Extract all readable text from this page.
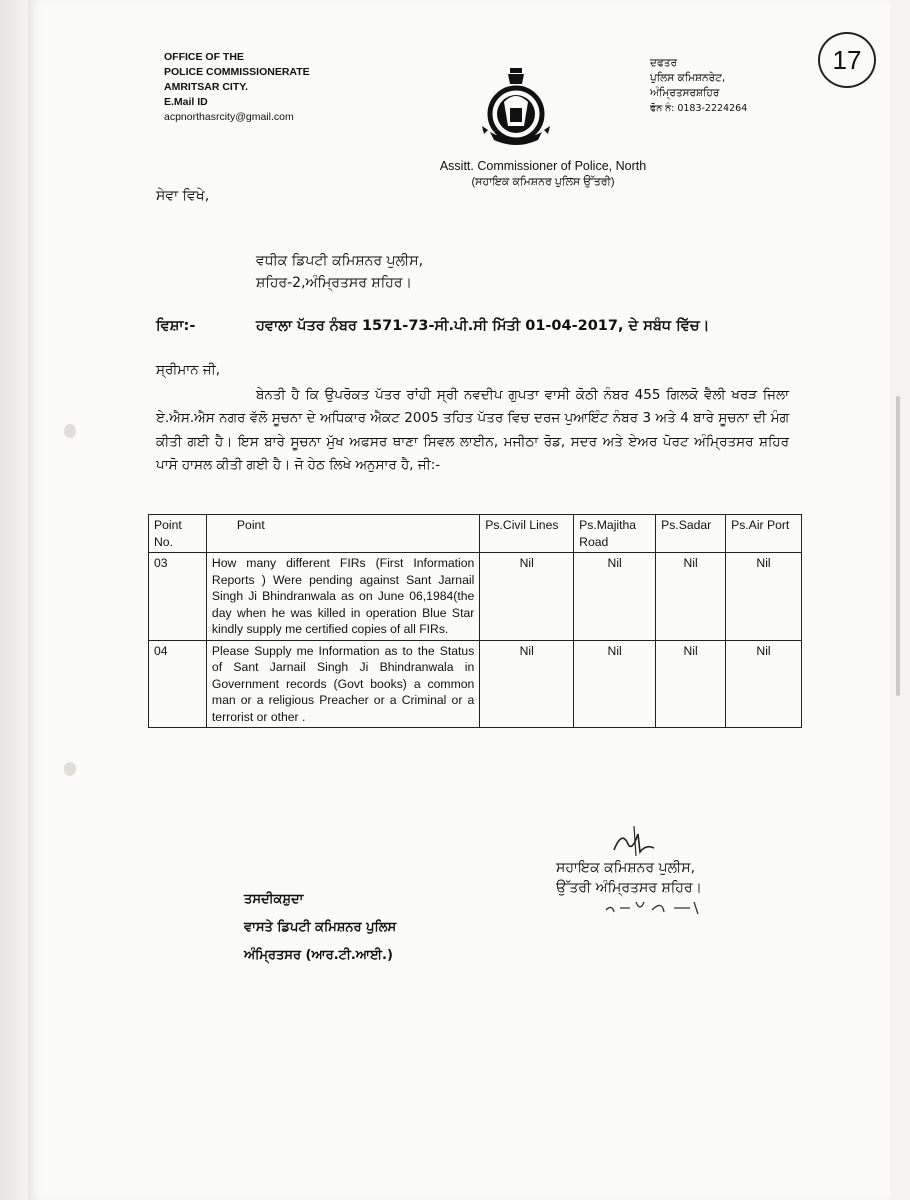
17
OFFICE OF THE
POLICE COMMISSIONERATE
AMRITSAR CITY.
E.Mail ID
acpnorthasrcity@gmail.com
ਦਫਤਰ
ਪੁਲਿਸ ਕਮਿਸ਼ਨਰੇਟ,
ਅੰਮ੍ਰਿਤਸਰਸ਼ਹਿਰ
ਫੋਨ ਨੰ: 0183-2224264
Assitt. Commissioner of Police, North
(ਸਹਾਇਕ ਕਮਿਸ਼ਨਰ ਪੁਲਿਸ ਉੱਤਰੀ)
ਸੇਵਾ ਵਿਖੇ,
ਵਧੀਕ ਡਿਪਟੀ ਕਮਿਸ਼ਨਰ ਪੁਲੀਸ,
ਸ਼ਹਿਰ-2,ਅੰਮ੍ਰਿਤਸਰ ਸ਼ਹਿਰ।
ਵਿਸ਼ਾ:-	ਹਵਾਲਾ ਪੱਤਰ ਨੰਬਰ 1571-73-ਸੀ.ਪੀ.ਸੀ ਮਿੱਤੀ 01-04-2017, ਦੇ ਸਬੰਧ ਵਿੱਚ।
ਸ੍ਰੀਮਾਨ ਜੀ,

ਬੇਨਤੀ ਹੈ ਕਿ ਉਪਰੋਕਤ ਪੱਤਰ ਰਾਂਹੀ ਸ੍ਰੀ ਨਵਦੀਪ ਗੁਪਤਾ ਵਾਸੀ ਕੋਠੀ ਨੰਬਰ 455 ਗਿਲਕੋ ਵੈਲੀ ਖਰੜ ਜਿਲਾ ਏ.ਐਸ.ਐਸ ਨਗਰ ਵੱਲੋ ਸੂਚਨਾ ਦੇ ਅਧਿਕਾਰ ਐਕਟ 2005 ਤਹਿਤ ਪੱਤਰ ਵਿਚ ਦਰਜ ਪੁਆਇੰਟ ਨੰਬਰ 3 ਅਤੇ 4 ਬਾਰੇ ਸੂਚਨਾ ਦੀ ਮੰਗ ਕੀਤੀ ਗਈ ਹੈ। ਇਸ ਬਾਰੇ ਸੂਚਨਾ ਮੁੱਖ ਅਫਸਰ ਥਾਣਾ ਸਿਵਲ ਲਾਈਨ, ਮਜੀਠਾ ਰੋਡ, ਸਦਰ ਅਤੇ ਏਅਰ ਪੋਰਟ ਅੰਮ੍ਰਿਤਸਰ ਸ਼ਹਿਰ ਪਾਸੋ ਹਾਸਲ ਕੀਤੀ ਗਈ ਹੈ। ਜੋ ਹੇਠ ਲਿਖੇ ਅਨੁਸਾਰ ਹੈ, ਜੀ:-

Point No.	Point	Ps.Civil Lines	Ps.Majitha Road	Ps.Sadar	Ps.Air Port
03	How many different FIRs (First Information Reports ) Were pending against Sant Jarnail Singh Ji Bhindranwala as on June 06,1984(the day when he was killed in operation Blue Star kindly supply me certified copies of all FIRs.	Nil	Nil	Nil	Nil
04	Please Supply me Information as to the Status of Sant Jarnail Singh Ji Bhindranwala in Government records (Govt books) a common man or a religious Preacher or a Criminal or a terrorist or other .	Nil	Nil	Nil	Nil
ਸਹਾਇਕ ਕਮਿਸ਼ਨਰ ਪੁਲੀਸ,
ਉੱਤਰੀ ਅੰਮ੍ਰਿਤਸਰ ਸ਼ਹਿਰ।
ਤਸਦੀਕਸ਼ੁਦਾ
ਵਾਸਤੇ ਡਿਪਟੀ ਕਮਿਸ਼ਨਰ ਪੁਲਿਸ
ਅੰਮ੍ਰਿਤਸਰ (ਆਰ.ਟੀ.ਆਈ.)
